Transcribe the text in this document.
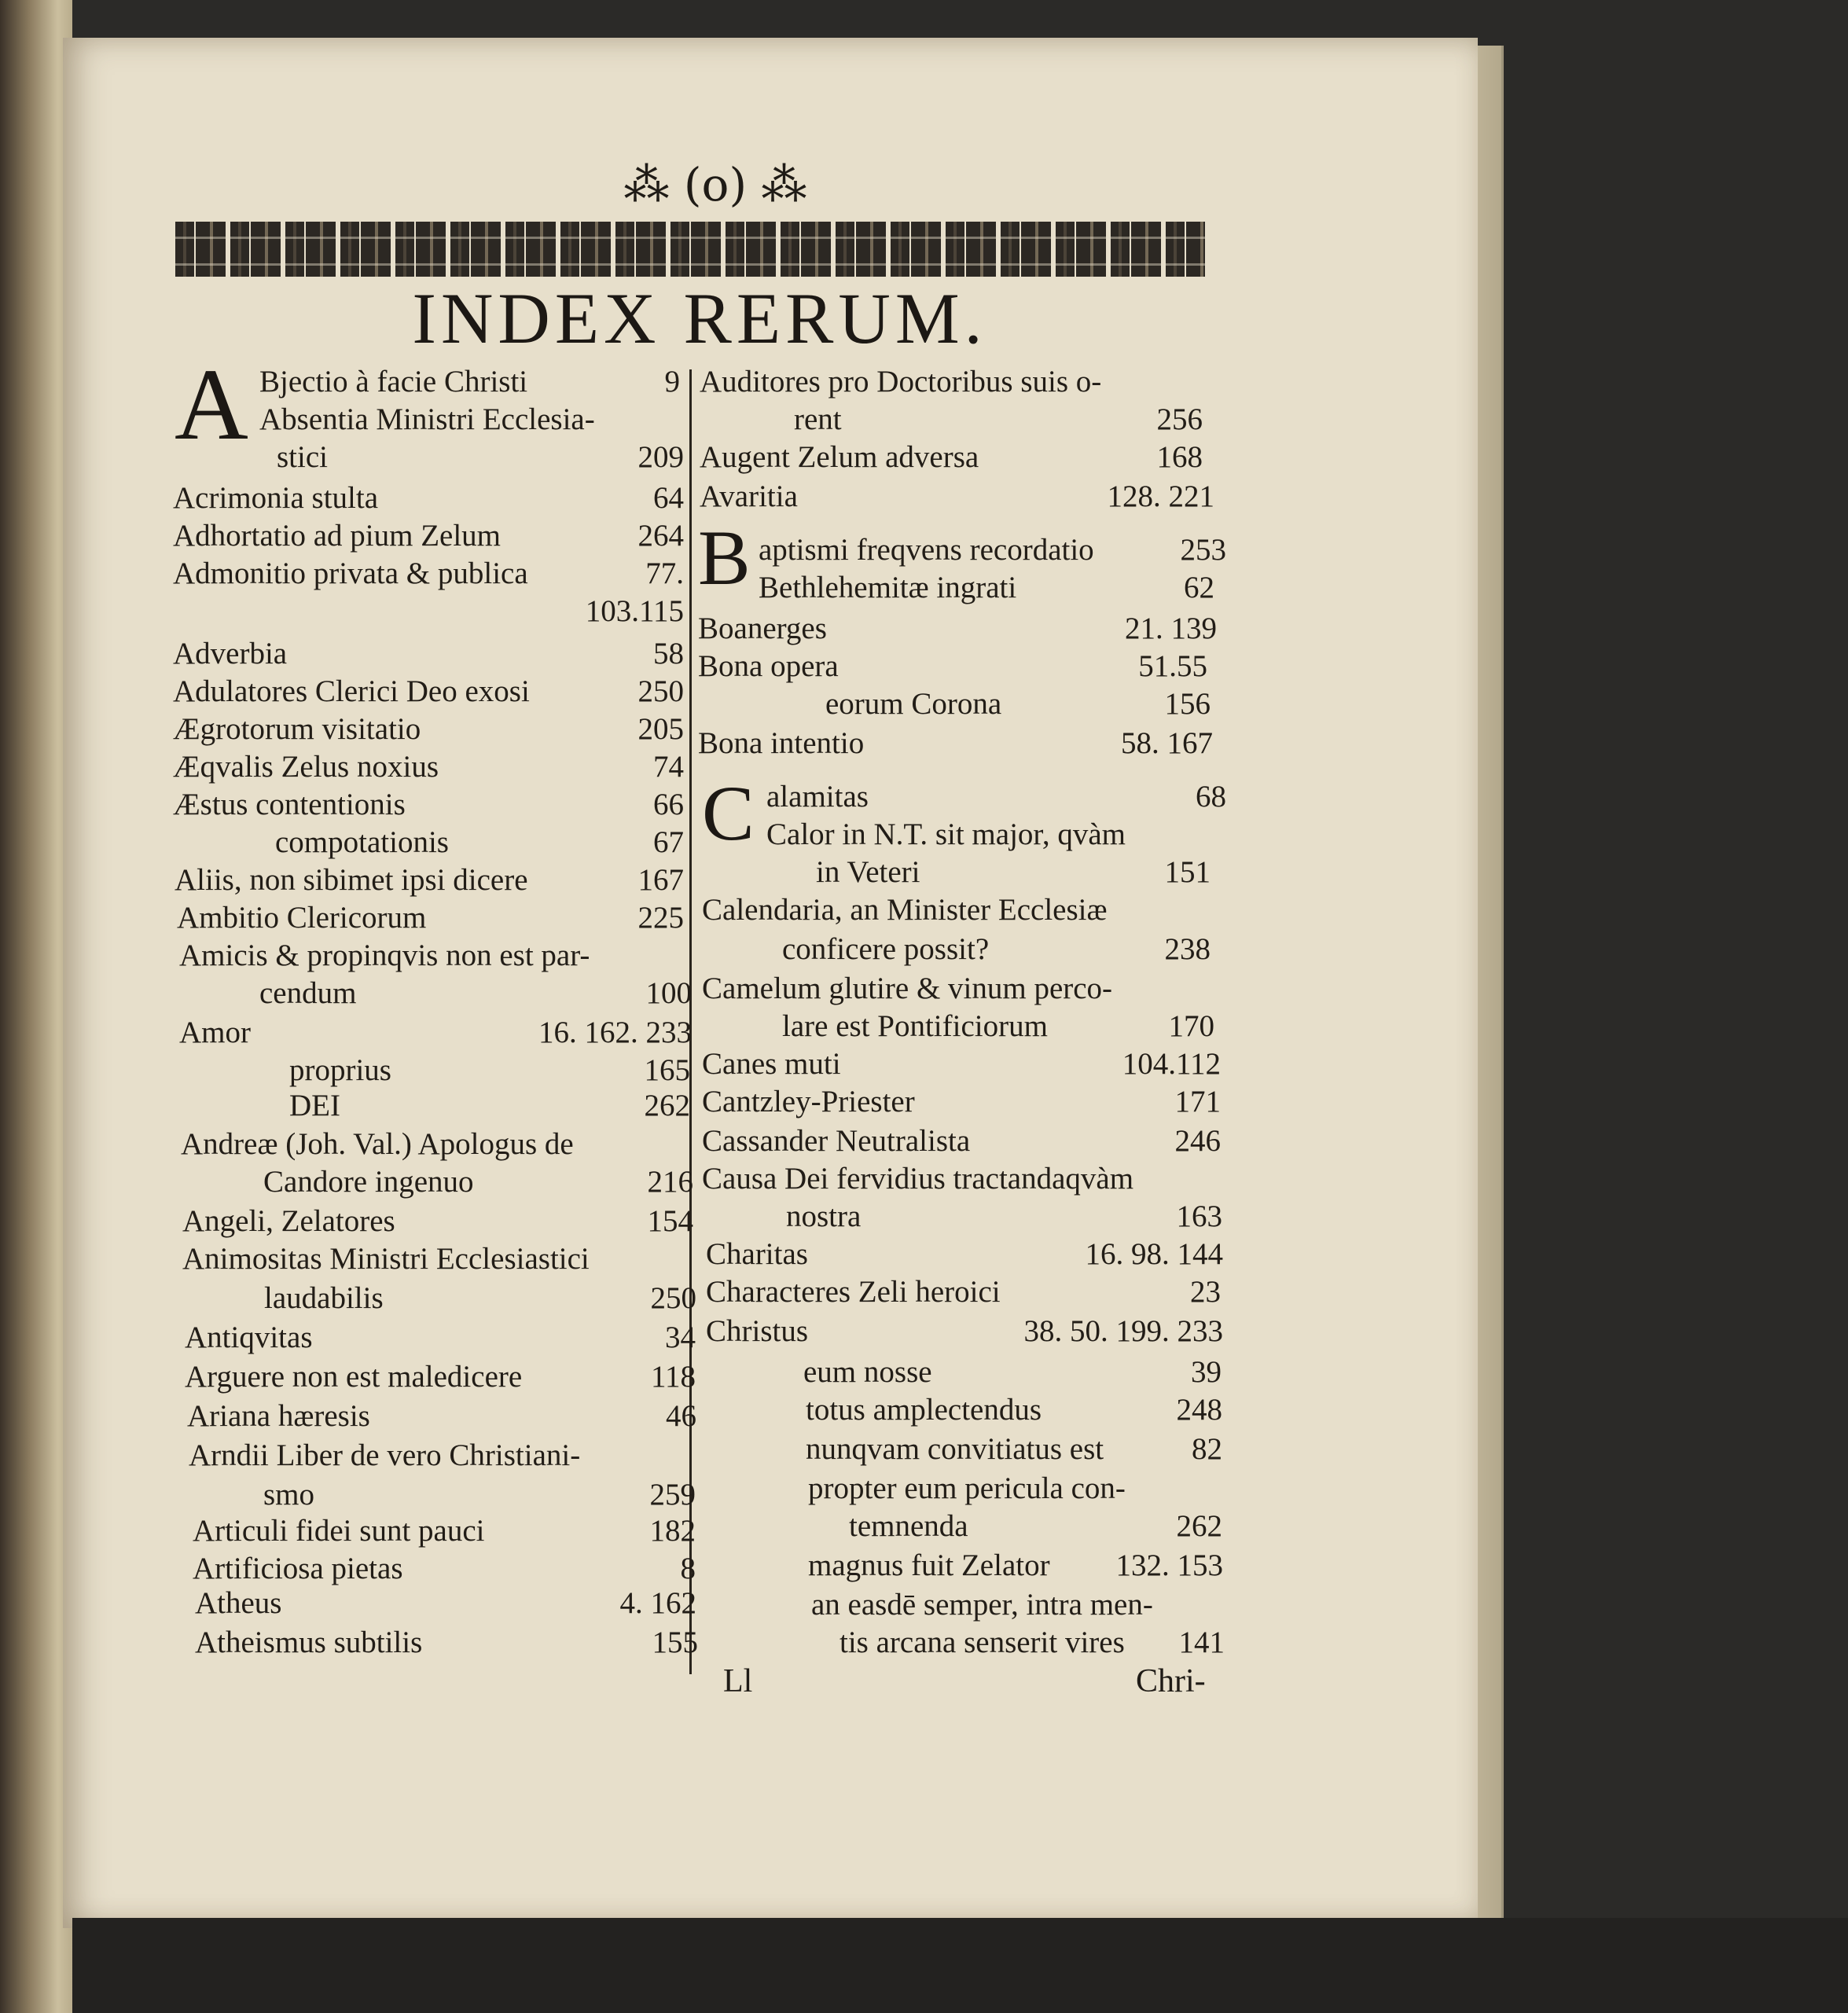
⁂ (o) ⁂
INDEX RERUM.
A Bjectio à facie Christi	9
Absentia Ministri Ecclesia-
stici	209
Acrimonia stulta	64
Adhortatio ad pium Zelum	264
Admonitio privata & publica	77.
103.115
Adverbia	58
Adulatores Clerici Deo exosi	250
Ægrotorum visitatio	205
Æqvalis Zelus noxius	74
Æstus contentionis	66
compotationis	67
Aliis, non sibimet ipsi dicere	167
Ambitio Clericorum	225
Amicis & propinqvis non est par-
cendum	100
Amor	16. 162. 233
proprius	165
DEI	262
Andreæ (Joh. Val.) Apologus de
Candore ingenuo	216
Angeli, Zelatores	154
Animositas Ministri Ecclesiastici
laudabilis	250
Antiqvitas	34
Arguere non est maledicere	118
Ariana hæresis	46
Arndii Liber de vero Christiani-
smo	259
Articuli fidei sunt pauci	182
Artificiosa pietas	8
Atheus	4. 162
Atheismus subtilis	155
B
C
Auditores pro Doctoribus suis o-
rent	256
Augent Zelum adversa	168
Avaritia	128. 221
aptismi freqvens recordatio	253
Bethlehemitæ ingrati	62
Boanerges	21. 139
Bona opera	51.55
eorum Corona	156
Bona intentio	58. 167
alamitas	68
Calor in N.T. sit major, qvàm
in Veteri	151
Calendaria, an Minister Ecclesiæ
conficere possit?	238
Camelum glutire & vinum perco-
lare est Pontificiorum	170
Canes muti	104.112
Cantzley-Priester	171
Cassander Neutralista	246
Causa Dei fervidius tractandaqvàm
nostra	163
Charitas	16. 98. 144
Characteres Zeli heroici	23
Christus	38. 50. 199. 233
eum nosse	39
totus amplectendus	248
nunqvam convitiatus est	82
propter eum pericula con-
temnenda	262
magnus fuit Zelator 132. 153
an easdē semper, intra men-
tis arcana senserit vires 141
Ll	Chri-
